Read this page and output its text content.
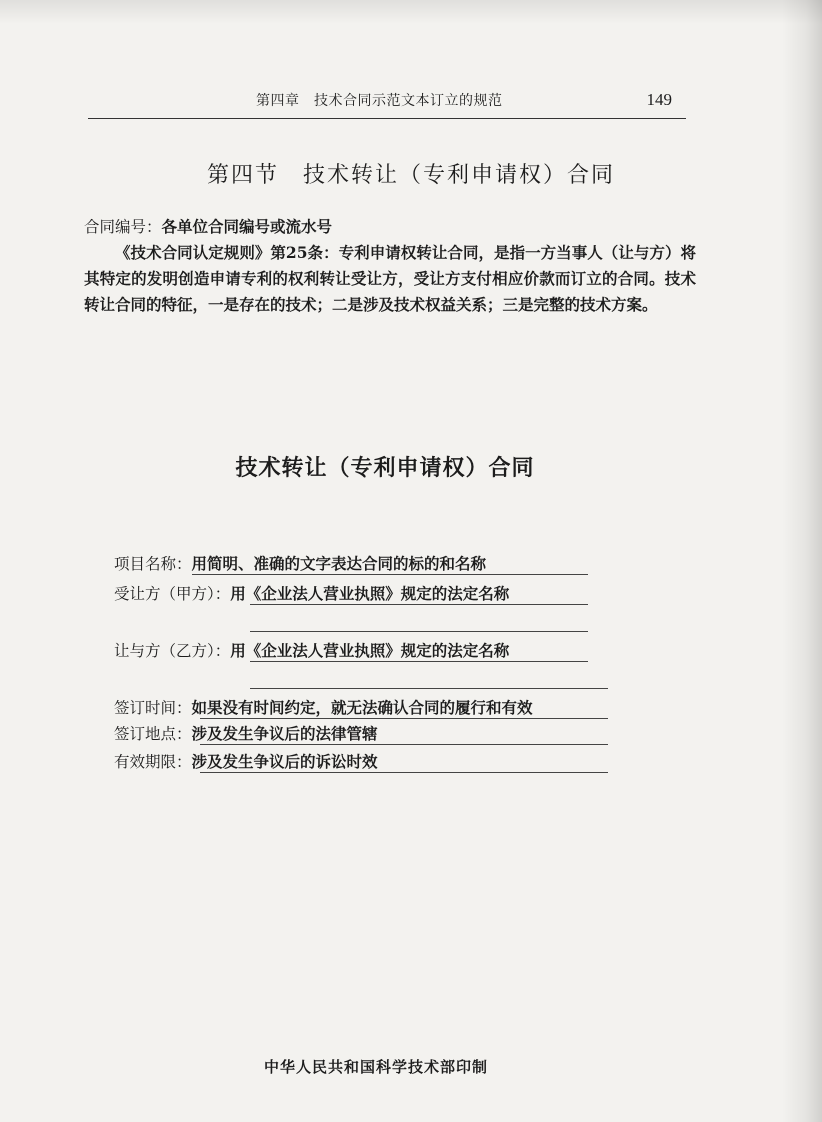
第四章　技术合同示范文本订立的规范	149
第四节 技术转让（专利申请权）合同

合同编号：各单位合同编号或流水号

《技术合同认定规则》第25条：专利申请权转让合同，是指一方当事人（让与方）将其特定的发明创造申请专利的权利转让受让方，受让方支付相应价款而订立的合同。技术转让合同的特征，一是存在的技术；二是涉及技术权益关系；三是完整的技术方案。

技术转让（专利申请权）合同
项目名称：用简明、准确的文字表达合同的标的和名称
受让方（甲方）：用《企业法人营业执照》规定的法定名称
让与方（乙方）：用《企业法人营业执照》规定的法定名称
签订时间：如果没有时间约定，就无法确认合同的履行和有效
签订地点：涉及发生争议后的法律管辖
有效期限：涉及发生争议后的诉讼时效
中华人民共和国科学技术部印制
